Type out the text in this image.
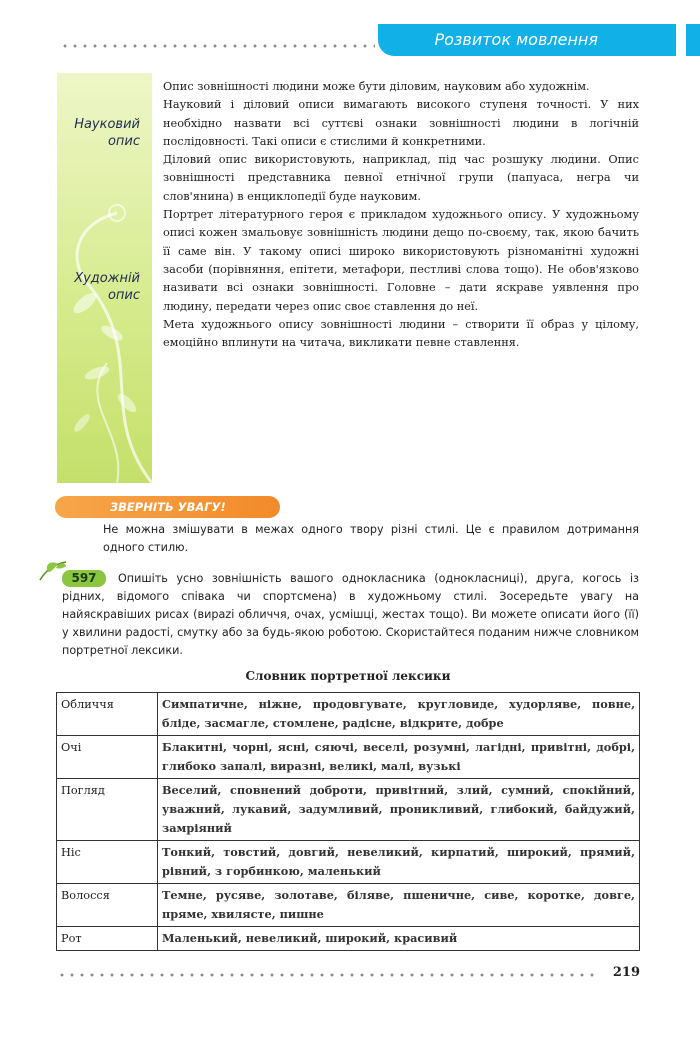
Розвиток мовлення
Науковий
опис
Художній
опис

Опис зовнішності людини може бути діловим, науковим або художнім.

Науковий і діловий описи вимагають високого ступеня точності. У них необхідно назвати всі суттєві ознаки зовнішності людини в логічній послідовності. Такі описи є стислими й конкретними.

Діловий опис використовують, наприклад, під час розшуку людини. Опис зовнішності представника певної етнічної групи (папуаса, негра чи слов'янина) в енциклопедії буде науковим.

Портрет літературного героя є прикладом художнього опису. У художньому описі кожен змальовує зовнішність людини дещо по-своєму, так, якою бачить її саме він. У такому описі широко використовують різноманітні художні засоби (порівняння, епітети, метафори, пестливі слова тощо). Не обов'язково називати всі ознаки зовнішності. Головне – дати яскраве уявлення про людину, передати через опис своє ставлення до неї.

Мета художнього опису зовнішності людини – створити її образ у цілому, емоційно вплинути на читача, викликати певне ставлення.

ЗВЕРНІТЬ УВАГУ!
Не можна змішувати в межах одного твору різні стилі. Це є правилом дотримання одного стилю.
Опишіть усно зовнішність вашого однокласника (однокласниці), друга, когось із рідних, відомого співака чи спортсмена) в художньому стилі. Зосередьте увагу на найяскравіших рисах (вирazi обличчя, очах, усмішці, жестах тощо). Ви можете описати його (її) у хвилини радості, смутку або за будь-якою роботою. Скористайтеся поданим нижче словником портретної лексики.
597
Словник портретної лексики
Обличчя	Симпатичне, ніжне, продовгувате, кругловиде, худорляве, повне, бліде, засмагле, стомлене, радісне, відкрите, добре
Очі	Блакитні, чорні, ясні, сяючі, веселі, розумні, лагідні, привітні, добрі, глибоко запалі, виразні, великі, малі, вузькі
Погляд	Веселий, сповнений доброти, привітний, злий, сумний, спокійний, уважний, лукавий, задумливий, проникливий, глибокий, байдужий, замріяний
Ніс	Тонкий, товстий, довгий, невеликий, кирпатий, широкий, прямий, рівний, з горбинкою, маленький
Волосся	Темне, русяве, золотаве, біляве, пшеничне, сиве, коротке, довге, пряме, хвилясте, пишне
Рот	Маленький, невеликий, широкий, красивий
219
